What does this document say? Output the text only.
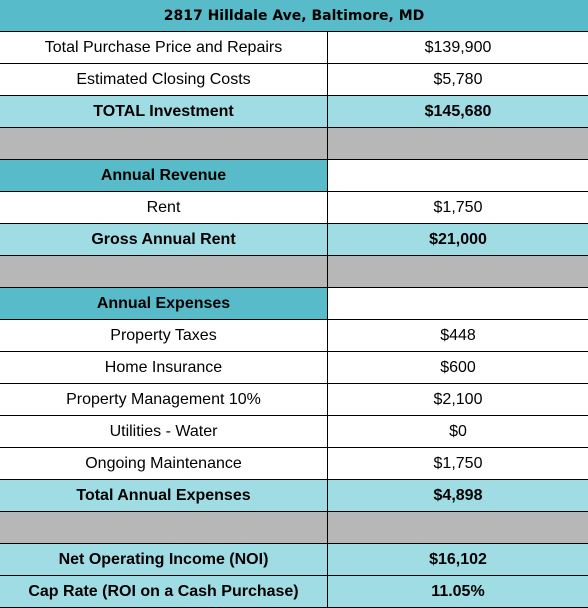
2817 Hilldale Ave, Baltimore, MD
Total Purchase Price and Repairs	$139,900
Estimated Closing Costs	$5,780
TOTAL Investment	$145,680
Annual Revenue
Rent	$1,750
Gross Annual Rent	$21,000
Annual Expenses
Property Taxes	$448
Home Insurance	$600
Property Management 10%	$2,100
Utilities - Water	$0
Ongoing Maintenance	$1,750
Total Annual Expenses	$4,898
Net Operating Income (NOI)	$16,102
Cap Rate (ROI on a Cash Purchase)	11.05%
